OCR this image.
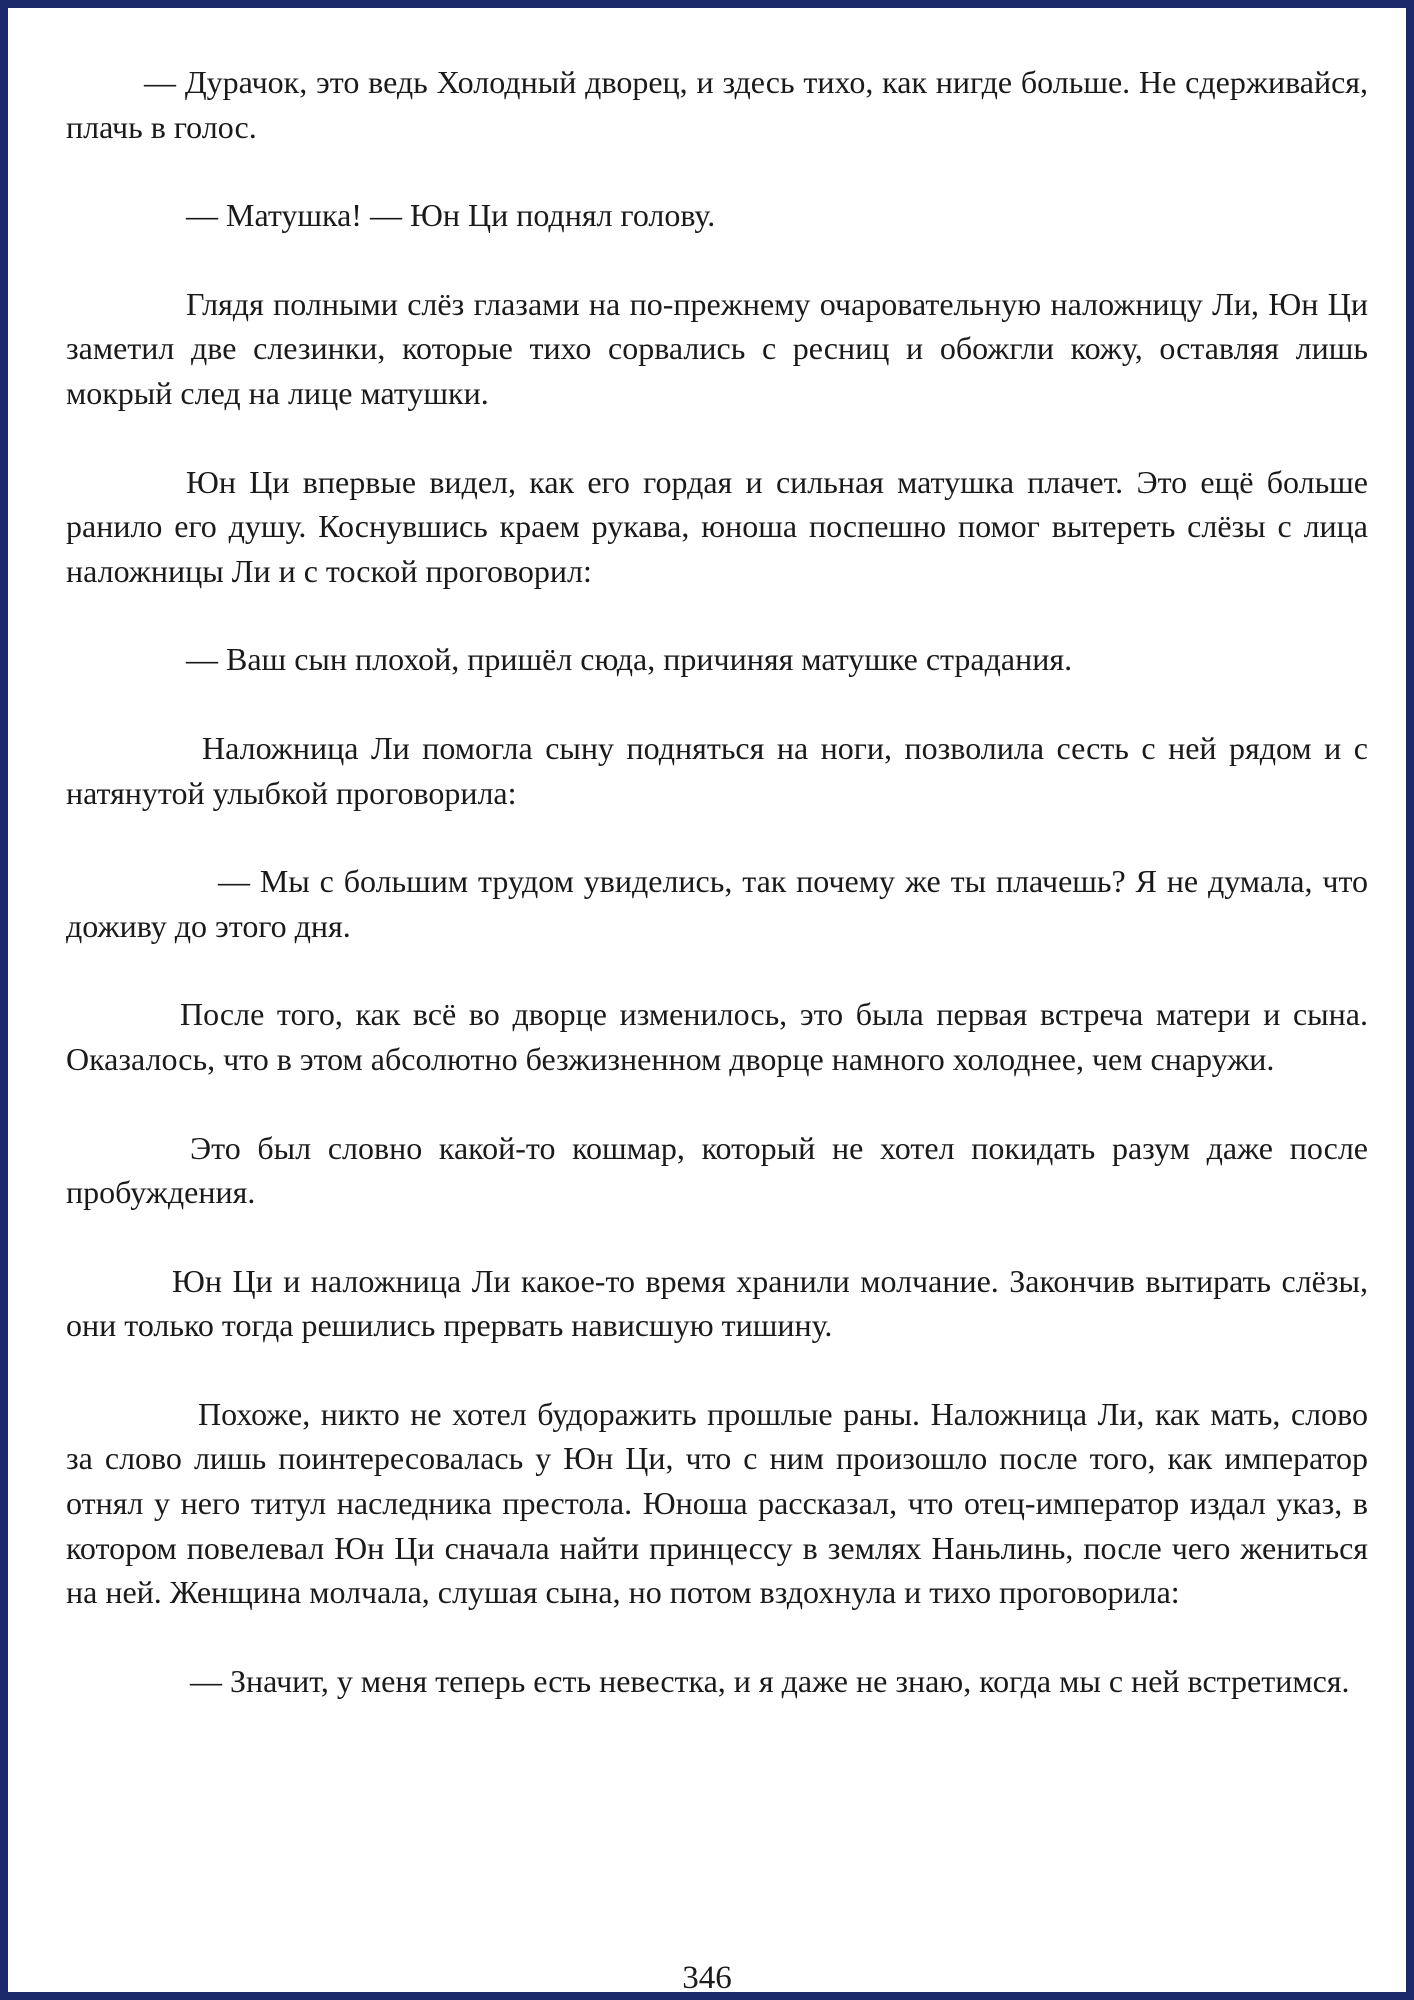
— Дурачок, это ведь Холодный дворец, и здесь тихо, как нигде больше. Не сдерживайся, плачь в голос.

— Матушка! — Юн Ци поднял голову.

Глядя полными слёз глазами на по-прежнему очаровательную наложницу Ли, Юн Ци заметил две слезинки, которые тихо сорвались с ресниц и обожгли кожу, оставляя лишь мокрый след на лице матушки.

Юн Ци впервые видел, как его гордая и сильная матушка плачет. Это ещё больше ранило его душу. Коснувшись краем рукава, юноша поспешно помог вытереть слёзы с лица наложницы Ли и с тоской проговорил:

— Ваш сын плохой, пришёл сюда, причиняя матушке страдания.

Наложница Ли помогла сыну подняться на ноги, позволила сесть с ней рядом и с натянутой улыбкой проговорила:

— Мы с большим трудом увиделись, так почему же ты плачешь? Я не думала, что доживу до этого дня.

После того, как всё во дворце изменилось, это была первая встреча матери и сына. Оказалось, что в этом абсолютно безжизненном дворце намного холоднее, чем снаружи.

Это был словно какой-то кошмар, который не хотел покидать разум даже после пробуждения.

Юн Ци и наложница Ли какое-то время хранили молчание. Закончив вытирать слёзы, они только тогда решились прервать нависшую тишину.

Похоже, никто не хотел будоражить прошлые раны. Наложница Ли, как мать, слово за слово лишь поинтересовалась у Юн Ци, что с ним произошло после того, как император отнял у него титул наследника престола. Юноша рассказал, что отец-император издал указ, в котором повелевал Юн Ци сначала найти принцессу в землях Наньлинь, после чего жениться на ней. Женщина молчала, слушая сына, но потом вздохнула и тихо проговорила:

— Значит, у меня теперь есть невестка, и я даже не знаю, когда мы с ней встретимся.

346
